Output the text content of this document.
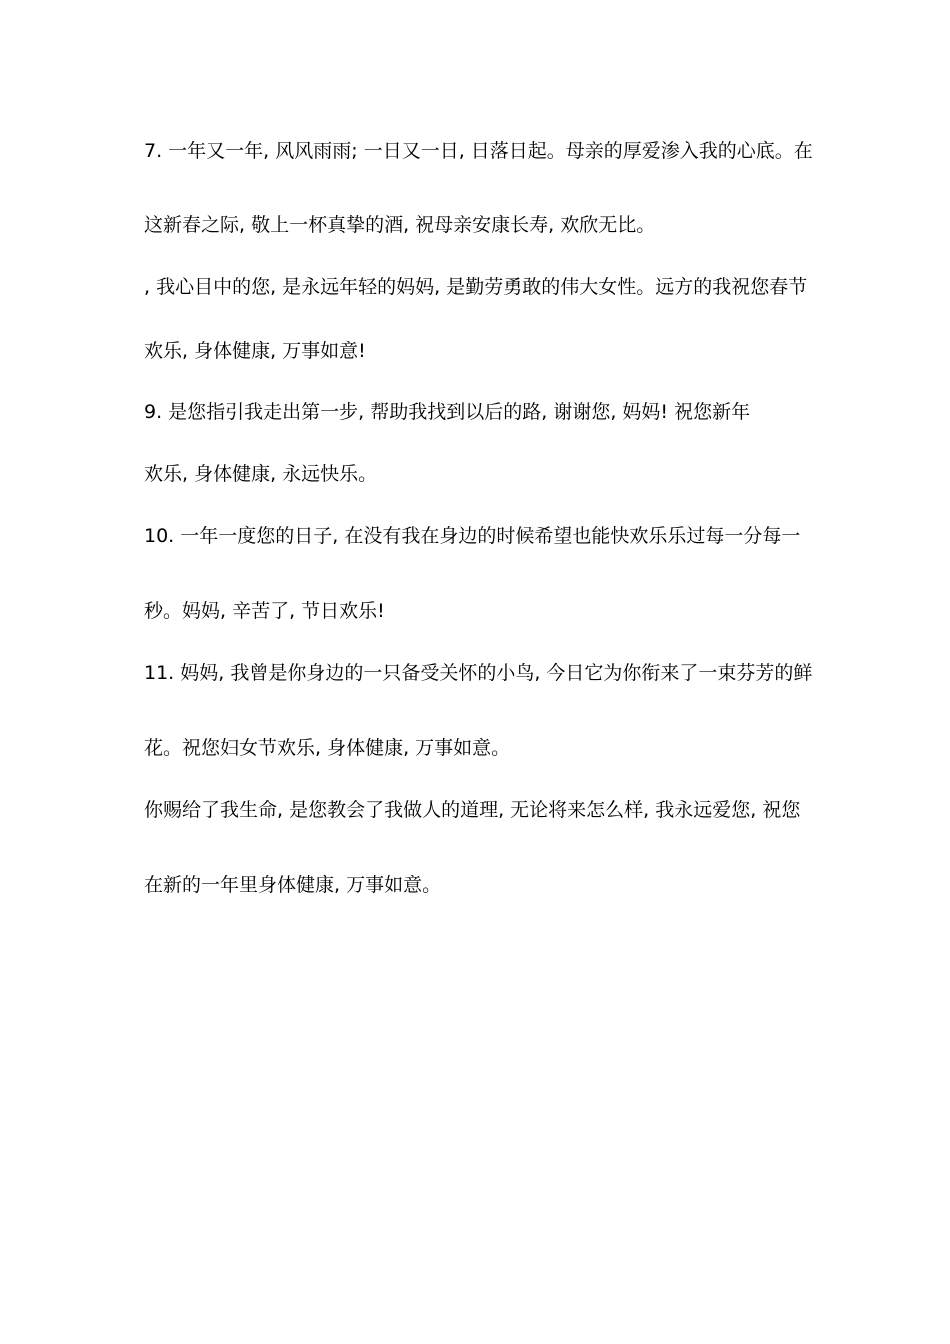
7. 一年又一年, 风风雨雨; 一日又一日, 日落日起。母亲的厚爱渗入我的心底。在
这新春之际, 敬上一杯真挚的酒, 祝母亲安康长寿, 欢欣无比。
, 我心目中的您, 是永远年轻的妈妈, 是勤劳勇敢的伟大女性。远方的我祝您春节
欢乐, 身体健康, 万事如意!
9. 是您指引我走出第一步, 帮助我找到以后的路, 谢谢您, 妈妈! 祝您新年
欢乐, 身体健康, 永远快乐。
10. 一年一度您的日子, 在没有我在身边的时候希望也能快欢乐乐过每一分每一
秒。妈妈, 辛苦了, 节日欢乐!
11. 妈妈, 我曾是你身边的一只备受关怀的小鸟, 今日它为你衔来了一束芬芳的鲜
花。祝您妇女节欢乐, 身体健康, 万事如意。
你赐给了我生命, 是您教会了我做人的道理, 无论将来怎么样, 我永远爱您, 祝您
在新的一年里身体健康, 万事如意。
